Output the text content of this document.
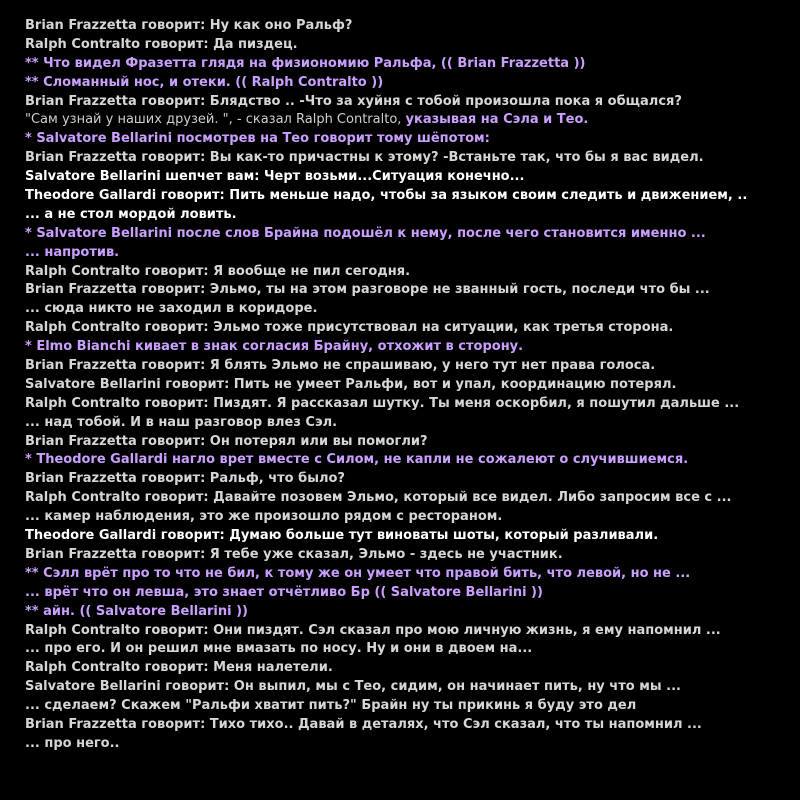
Brian Frazzetta говорит: Ну как оно Ральф?
Ralph Contralto говорит: Да пиздец.
** Что видел Фразетта глядя на физиономию Ральфа, (( Brian Frazzetta ))
** Сломанный нос, и отеки. (( Ralph Contralto ))
Brian Frazzetta говорит: Блядство .. -Что за хуйня с тобой произошла пока я общался?
"Сам узнай у наших друзей. ", - сказал Ralph Contralto, указывая на Сэла и Тео.
* Salvatore Bellarini посмотрев на Тео говорит тому шёпотом:
Brian Frazzetta говорит: Вы как-то причастны к этому? -Встаньте так, что бы я вас видел.
Salvatore Bellarini шепчет вам: Черт возьми...Ситуация конечно...
Theodore Gallardi говорит: Пить меньше надо, чтобы за языком своим следить и движением, ..
... а не стол мордой ловить.
* Salvatore Bellarini после слов Брайна подошёл к нему, после чего становится именно ...
... напротив.
Ralph Contralto говорит: Я вообще не пил сегодня.
Brian Frazzetta говорит: Эльмо, ты на этом разговоре не званный гость, последи что бы ...
... сюда никто не заходил в коридоре.
Ralph Contralto говорит: Эльмо тоже присутствовал на ситуации, как третья сторона.
* Elmo Bianchi кивает в знак согласия Брайну, отхожит в сторону.
Brian Frazzetta говорит: Я блять Эльмо не спрашиваю, у него тут нет права голоса.
Salvatore Bellarini говорит: Пить не умеет Ральфи, вот и упал, координацию потерял.
Ralph Contralto говорит: Пиздят. Я рассказал шутку. Ты меня оскорбил, я пошутил дальше ...
... над тобой. И в наш разговор влез Сэл.
Brian Frazzetta говорит: Он потерял или вы помогли?
* Theodore Gallardi нагло врет вместе с Силом, не капли не сожалеют о случившиемся.
Brian Frazzetta говорит: Ральф, что было?
Ralph Contralto говорит: Давайте позовем Эльмо, который все видел. Либо запросим все с ...
... камер наблюдения, это же произошло рядом с рестораном.
Theodore Gallardi говорит: Думаю больше тут виноваты шоты, который разливали.
Brian Frazzetta говорит: Я тебе уже сказал, Эльмо - здесь не участник.
** Сэлл врёт про то что не бил, к тому же он умеет что правой бить, что левой, но не ...
... врёт что он левша, это знает отчётливо Бр (( Salvatore Bellarini ))
** айн. (( Salvatore Bellarini ))
Ralph Contralto говорит: Они пиздят. Сэл сказал про мою личную жизнь, я ему напомнил ...
... про его. И он решил мне вмазать по носу. Ну и они в двоем на...
Ralph Contralto говорит: Меня налетели.
Salvatore Bellarini говорит: Он выпил, мы с Тео, сидим, он начинает пить, ну что мы ...
... сделаем? Скажем "Ральфи хватит пить?" Брайн ну ты прикинь я буду это дел
Brian Frazzetta говорит: Тихо тихо.. Давай в деталях, что Сэл сказал, что ты напомнил ...
... про него..
